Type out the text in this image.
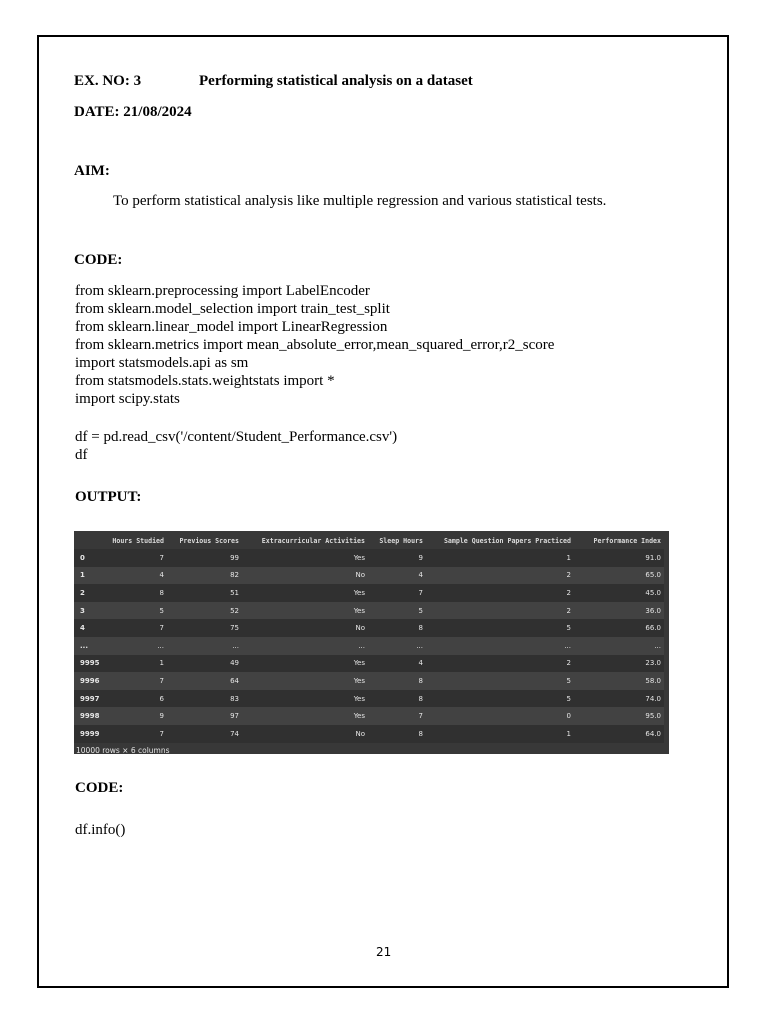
EX. NO: 3	Performing statistical analysis on a dataset
DATE: 21/08/2024
AIM:
To perform statistical analysis like multiple regression and various statistical tests.
CODE:
from sklearn.preprocessing import LabelEncoder
from sklearn.model_selection import train_test_split
from sklearn.linear_model import LinearRegression
from sklearn.metrics import mean_absolute_error,mean_squared_error,r2_score
import statsmodels.api as sm
from statsmodels.stats.weightstats import *
import scipy.stats
df = pd.read_csv('/content/Student_Performance.csv')
df
OUTPUT:
	Hours Studied	Previous Scores	Extracurricular Activities	Sleep Hours	Sample Question Papers Practiced	Performance Index
0	7	99	Yes	9	1	91.0
1	4	82	No	4	2	65.0
2	8	51	Yes	7	2	45.0
3	5	52	Yes	5	2	36.0
4	7	75	No	8	5	66.0
...	...	...	...	...	...	...
9995	1	49	Yes	4	2	23.0
9996	7	64	Yes	8	5	58.0
9997	6	83	Yes	8	5	74.0
9998	9	97	Yes	7	0	95.0
9999	7	74	No	8	1	64.0
10000 rows × 6 columns
CODE:
df.info()
21
